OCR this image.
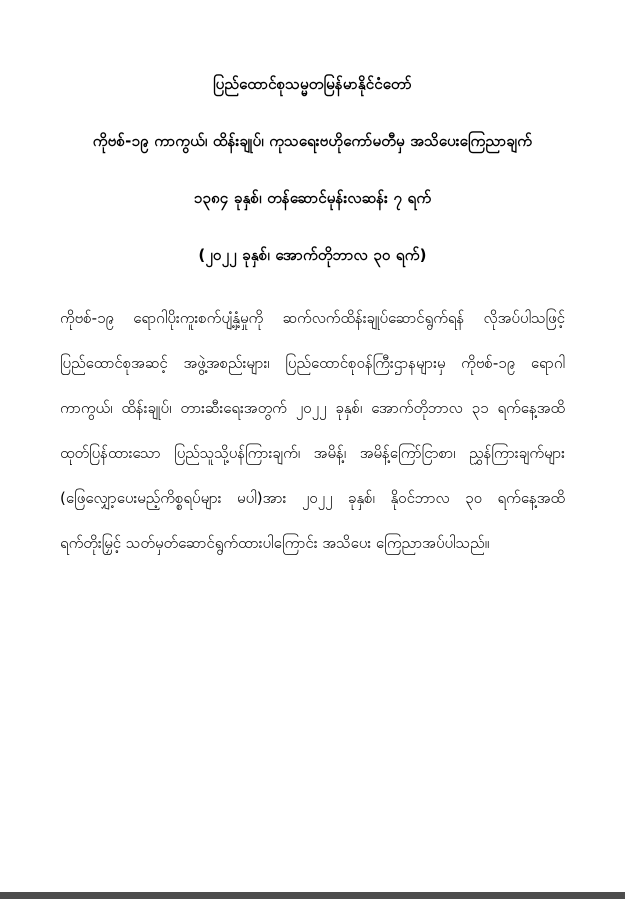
ပြည်ထောင်စုသမ္မတမြန်မာနိုင်ငံတော်
ကိုဗစ်-၁၉ ကာကွယ်၊ ထိန်းချုပ်၊ ကုသရေးဗဟိုကော်မတီမှ အသိပေးကြေညာချက်
၁၃၈၄ ခုနှစ်၊ တန်ဆောင်မုန်းလဆန်း ၇ ရက်
(၂၀၂၂ ခုနှစ်၊ အောက်တိုဘာလ ၃၀ ရက်)
ကိုဗစ်-၁၉ ရောဂါပိုးကူးစက်ပျံ့နှံ့မှုကို ဆက်လက်ထိန်းချုပ်ဆောင်ရွက်ရန် လိုအပ်ပါသဖြင့်
ပြည်ထောင်စုအဆင့် အဖွဲ့အစည်းများ၊ ပြည်ထောင်စုဝန်ကြီးဌာနများမှ ကိုဗစ်-၁၉ ရောဂါ
ကာကွယ်၊ ထိန်းချုပ်၊ တားဆီးရေးအတွက် ၂၀၂၂ ခုနှစ်၊ အောက်တိုဘာလ ၃၁ ရက်နေ့အထိ
ထုတ်ပြန်ထားသော ပြည်သူသို့ပန်ကြားချက်၊ အမိန့်၊ အမိန့်ကြော်ငြာစာ၊ ညွှန်ကြားချက်များ
(ဖြေလျှော့ပေးမည့်ကိစ္စရပ်များ မပါ)အား ၂၀၂၂ ခုနှစ်၊ နိုဝင်ဘာလ ၃၀ ရက်နေ့အထိ
ရက်တိုးမြှင့် သတ်မှတ်ဆောင်ရွက်ထားပါကြောင်း အသိပေး ကြေညာအပ်ပါသည်။
